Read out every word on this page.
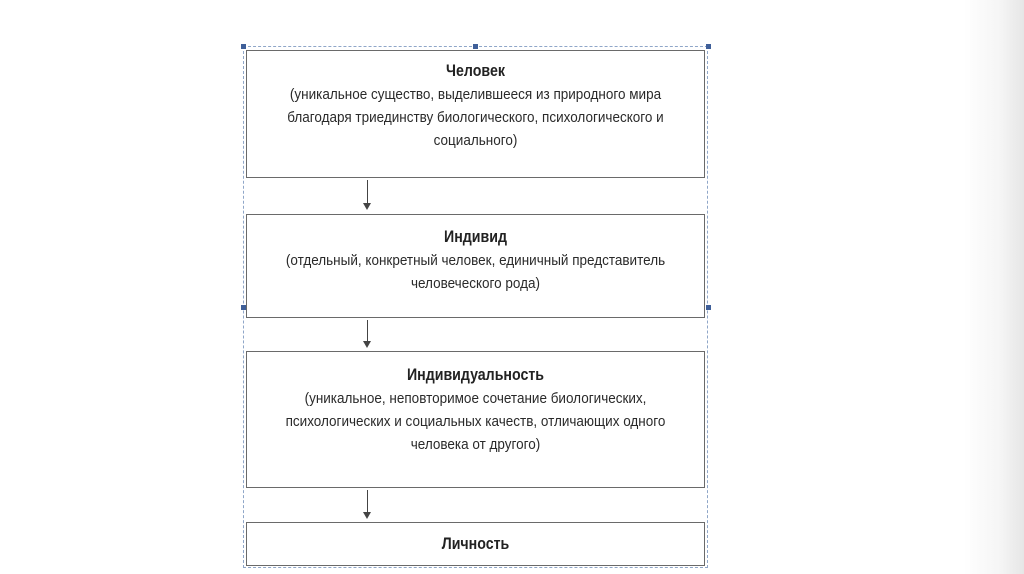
Человек
(уникальное существо, выделившееся из природного мира благодаря триединству биологического, психологического и социального)
Индивид
(отдельный, конкретный человек, единичный представитель человеческого рода)
Индивидуальность
(уникальное, неповторимое сочетание биологических, психологических и социальных качеств, отличающих одного человека от другого)
Личность
